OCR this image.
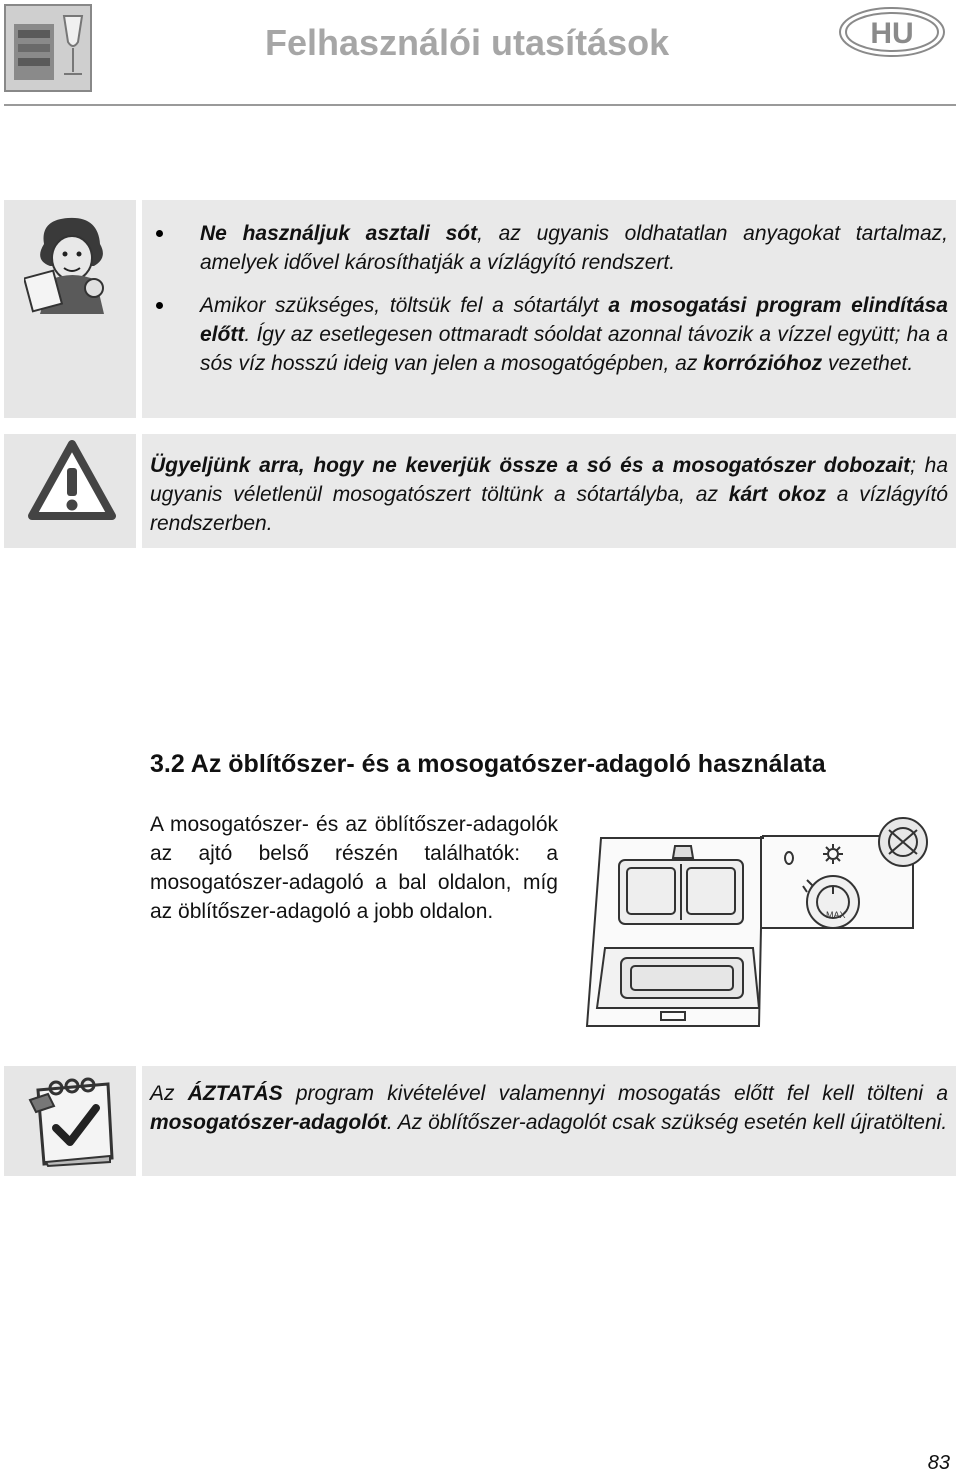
Felhasználói utasítások	HU
Ne használjuk asztali sót, az ugyanis oldhatatlan anyagokat tartalmaz, amelyek idővel károsíthatják a vízlágyító rendszert.
Amikor szükséges, töltsük fel a sótartályt a mosogatási program elindítása előtt. Így az esetlegesen ottmaradt sóoldat azonnal távozik a vízzel együtt; ha a sós víz hosszú ideig van jelen a mosogatógépben, az korrózióhoz vezethet.

Ügyeljünk arra, hogy ne keverjük össze a só és a mosogatószer dobozait; ha ugyanis véletlenül mosogatószert töltünk a sótartályba, az kárt okoz a vízlágyító rendszerben.

3.2 Az öblítőszer- és a mosogatószer-adagoló használata

A mosogatószer- és az öblítőszer-adagolók az ajtó belső részén találhatók: a mosogatószer-adagoló a bal oldalon, míg az öblítőszer-adagoló a jobb oldalon.	MAX

Az ÁZTATÁS program kivételével valamennyi mosogatás előtt fel kell tölteni a mosogatószer-adagolót. Az öblítőszer-adagolót csak szükség esetén kell újratölteni.

83
